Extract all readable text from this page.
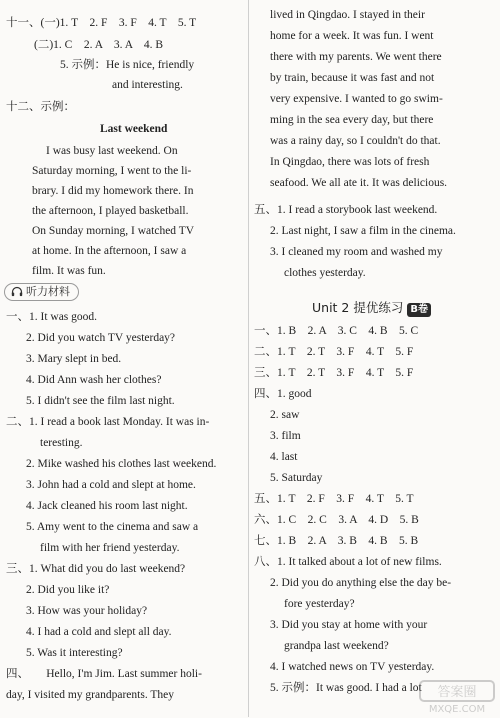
十一、(一)1. T　2. F　3. F　4. T　5. T
(二)1. C　2. A　3. A　4. B
5. 示例：He is nice, friendly
and interesting.
十二、示例：
Last weekend
I was busy last weekend. On
Saturday morning, I went to the li-
brary. I did my homework there. In
the afternoon, I played basketball.
On Sunday morning, I watched TV
at home. In the afternoon, I saw a
film. It was fun.
听力材料
一、1. It was good.
2. Did you watch TV yesterday?
3. Mary slept in bed.
4. Did Ann wash her clothes?
5. I didn't see the film last night.
二、1. I read a book last Monday. It was in-
teresting.
2. Mike washed his clothes last weekend.
3. John had a cold and slept at home.
4. Jack cleaned his room last night.
5. Amy went to the cinema and saw a
film with her friend yesterday.
三、1. What did you do last weekend?
2. Did you like it?
3. How was your holiday?
4. I had a cold and slept all day.
5. Was it interesting?
四、　　Hello, I'm Jim. Last summer holi-
day, I visited my grandparents. They
lived in Qingdao. I stayed in their
home for a week. It was fun. I went
there with my parents. We went there
by train, because it was fast and not
very expensive. I wanted to go swim-
ming in the sea every day, but there
was a rainy day, so I couldn't do that.
In Qingdao, there was lots of fresh
seafood. We all ate it. It was delicious.
五、1. I read a storybook last weekend.
2. Last night, I saw a film in the cinema.
3. I cleaned my room and washed my
clothes yesterday.
Unit 2 提优练习 B卷
一、1. B　2. A　3. C　4. B　5. C
二、1. T　2. T　3. F　4. T　5. F
三、1. T　2. T　3. F　4. T　5. F
四、1. good
2. saw
3. film
4. last
5. Saturday
五、1. T　2. F　3. F　4. T　5. T
六、1. C　2. C　3. A　4. D　5. B
七、1. B　2. A　3. B　4. B　5. B
八、1. It talked about a lot of new films.
2. Did you do anything else the day be-
fore yesterday?
3. Did you stay at home with your
grandpa last weekend?
4. I watched news on TV yesterday.
5. 示例：It was good. I had a lot 答案圈
MXQE.COM
